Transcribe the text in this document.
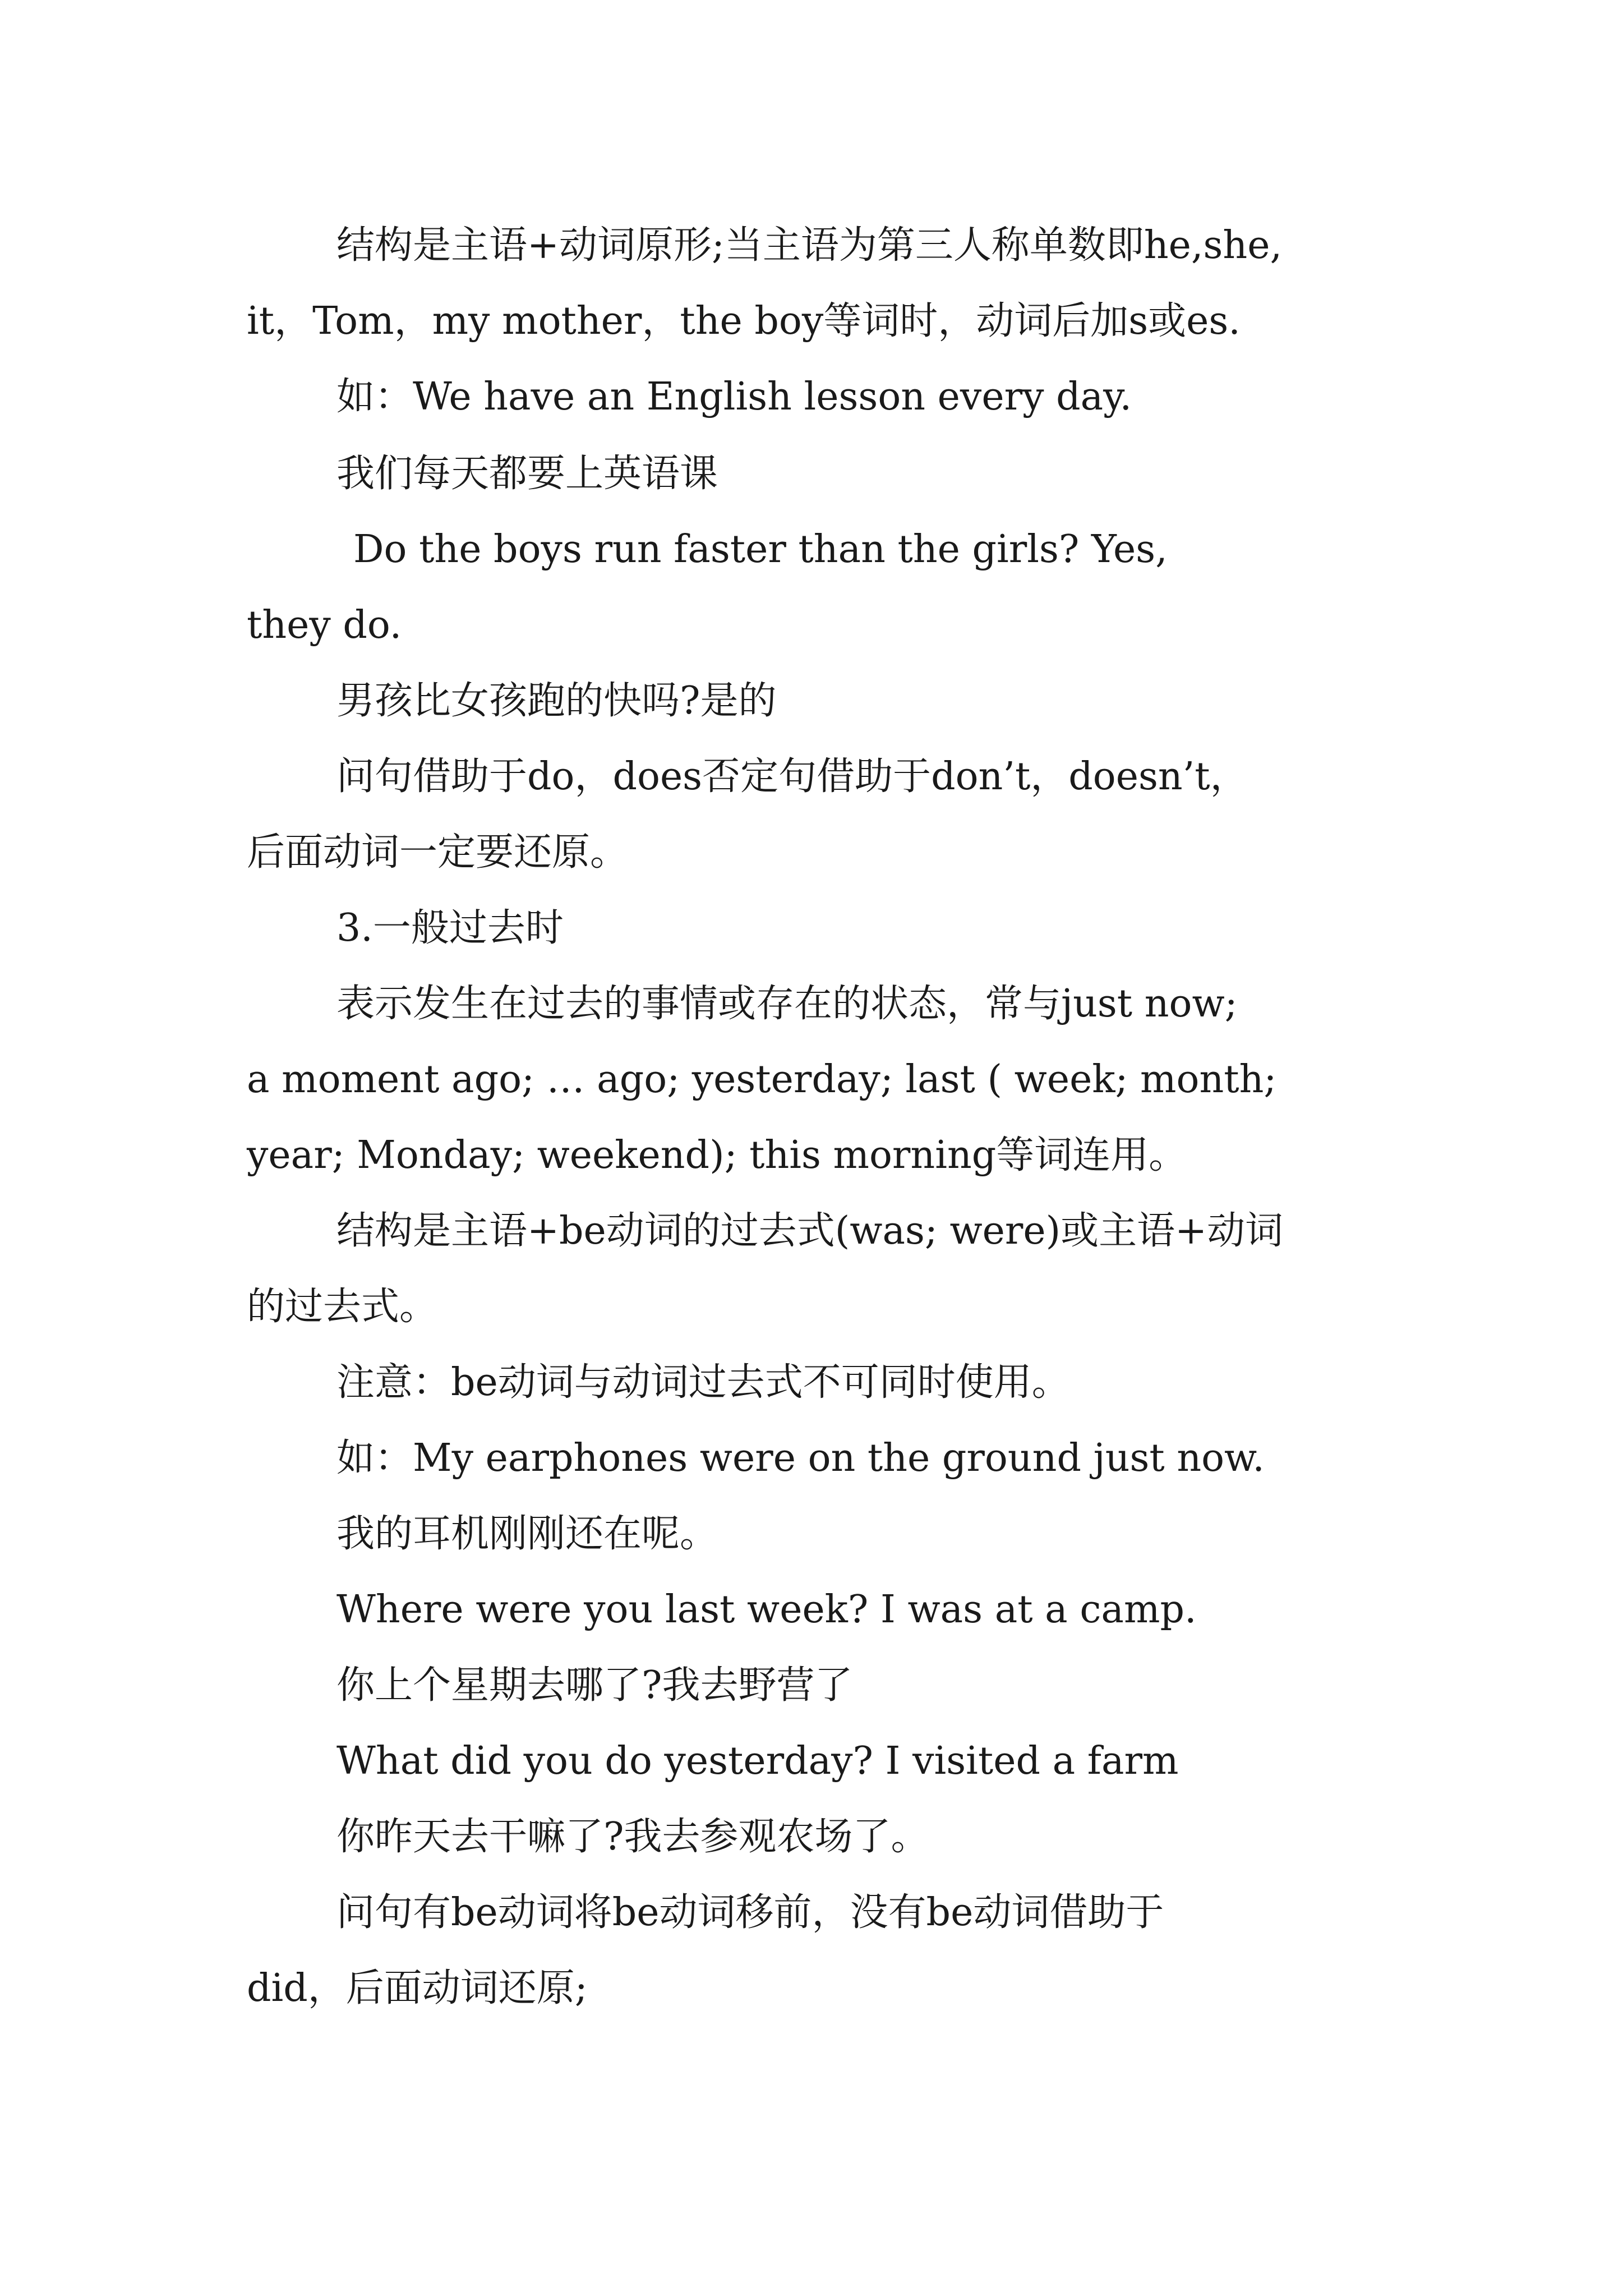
结构是主语+动词原形;当主语为第三人称单数即he,she,
it，Tom，my mother，the boy等词时，动词后加s或es.
如：We have an English lesson every day.
我们每天都要上英语课
Do the boys run faster than the girls? Yes,
they do.
男孩比女孩跑的快吗?是的
问句借助于do，does否定句借助于don’t，doesn’t，
后面动词一定要还原。
3.一般过去时
表示发生在过去的事情或存在的状态，常与just now;
a moment ago; … ago; yesterday; last ( week; month;
year; Monday; weekend); this morning等词连用。
结构是主语+be动词的过去式(was; were)或主语+动词
的过去式。
注意：be动词与动词过去式不可同时使用。
如：My earphones were on the ground just now.
我的耳机刚刚还在呢。
Where were you last week? I was at a camp.
你上个星期去哪了?我去野营了
What did you do yesterday? I visited a farm
你昨天去干嘛了?我去参观农场了。
问句有be动词将be动词移前，没有be动词借助于
did，后面动词还原;
